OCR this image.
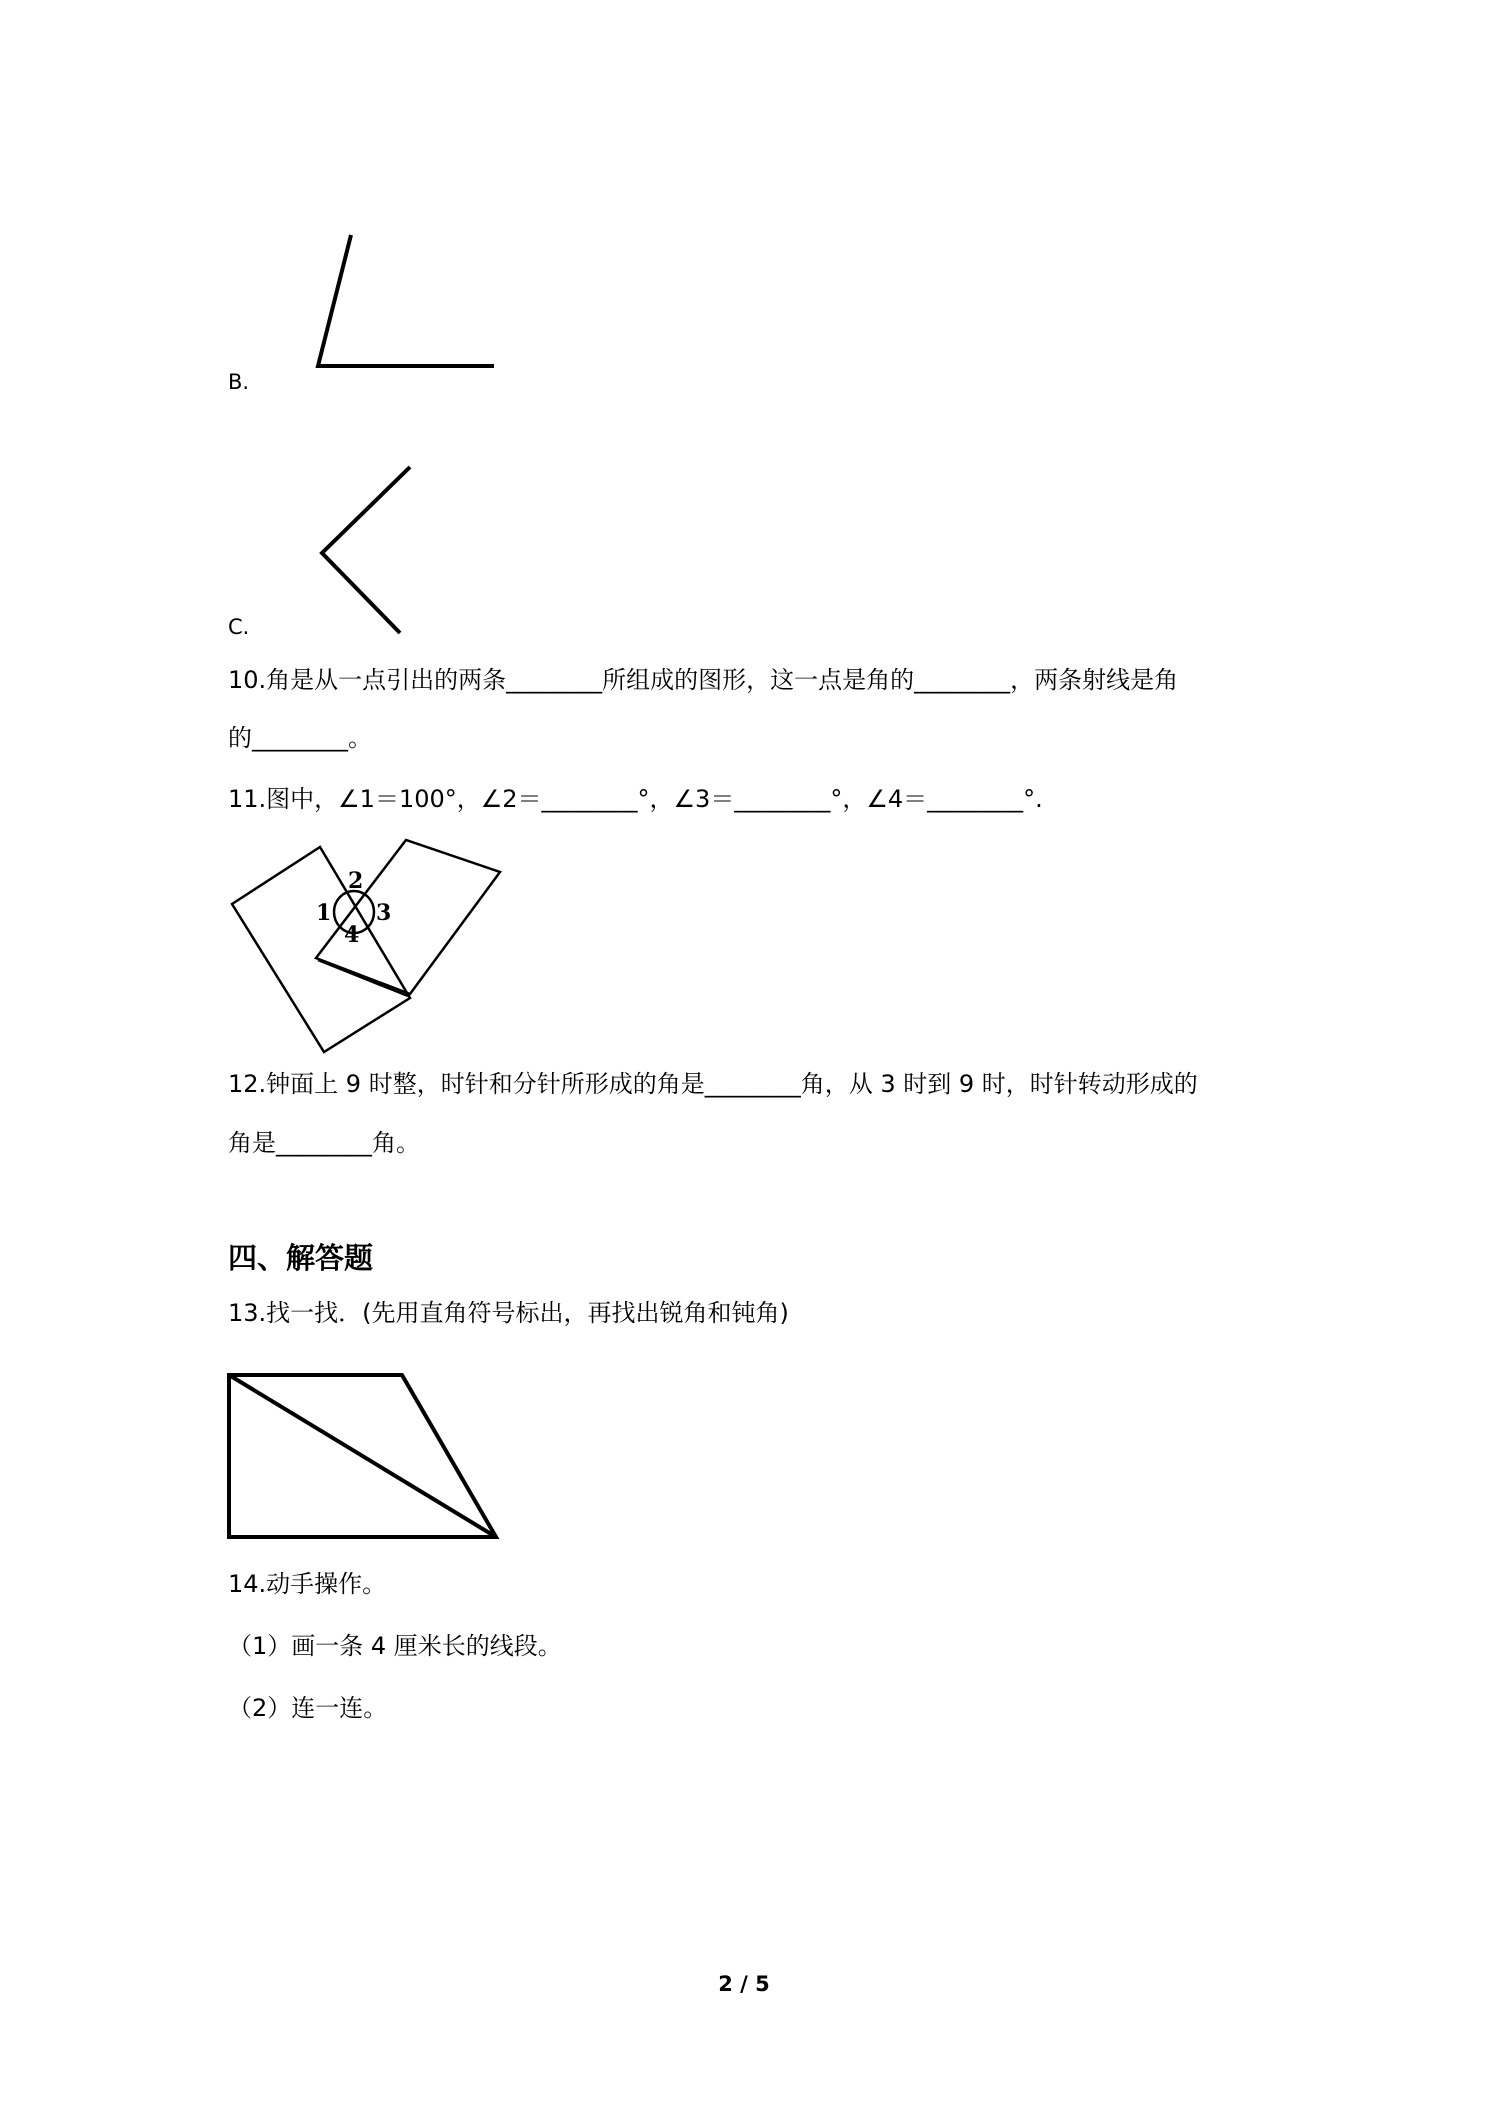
B.
C.
10.角是从一点引出的两条________所组成的图形，这一点是角的________，两条射线是角
的________。
11.图中，∠1＝100°，∠2＝________°，∠3＝________°，∠4＝________°.
1
2
3
4
12.钟面上 9 时整，时针和分针所形成的角是________角，从 3 时到 9 时，时针转动形成的
角是________角。
四、解答题
13.找一找．(先用直角符号标出，再找出锐角和钝角)
14.动手操作。
（1）画一条 4 厘米长的线段。
（2）连一连。
2 / 5
